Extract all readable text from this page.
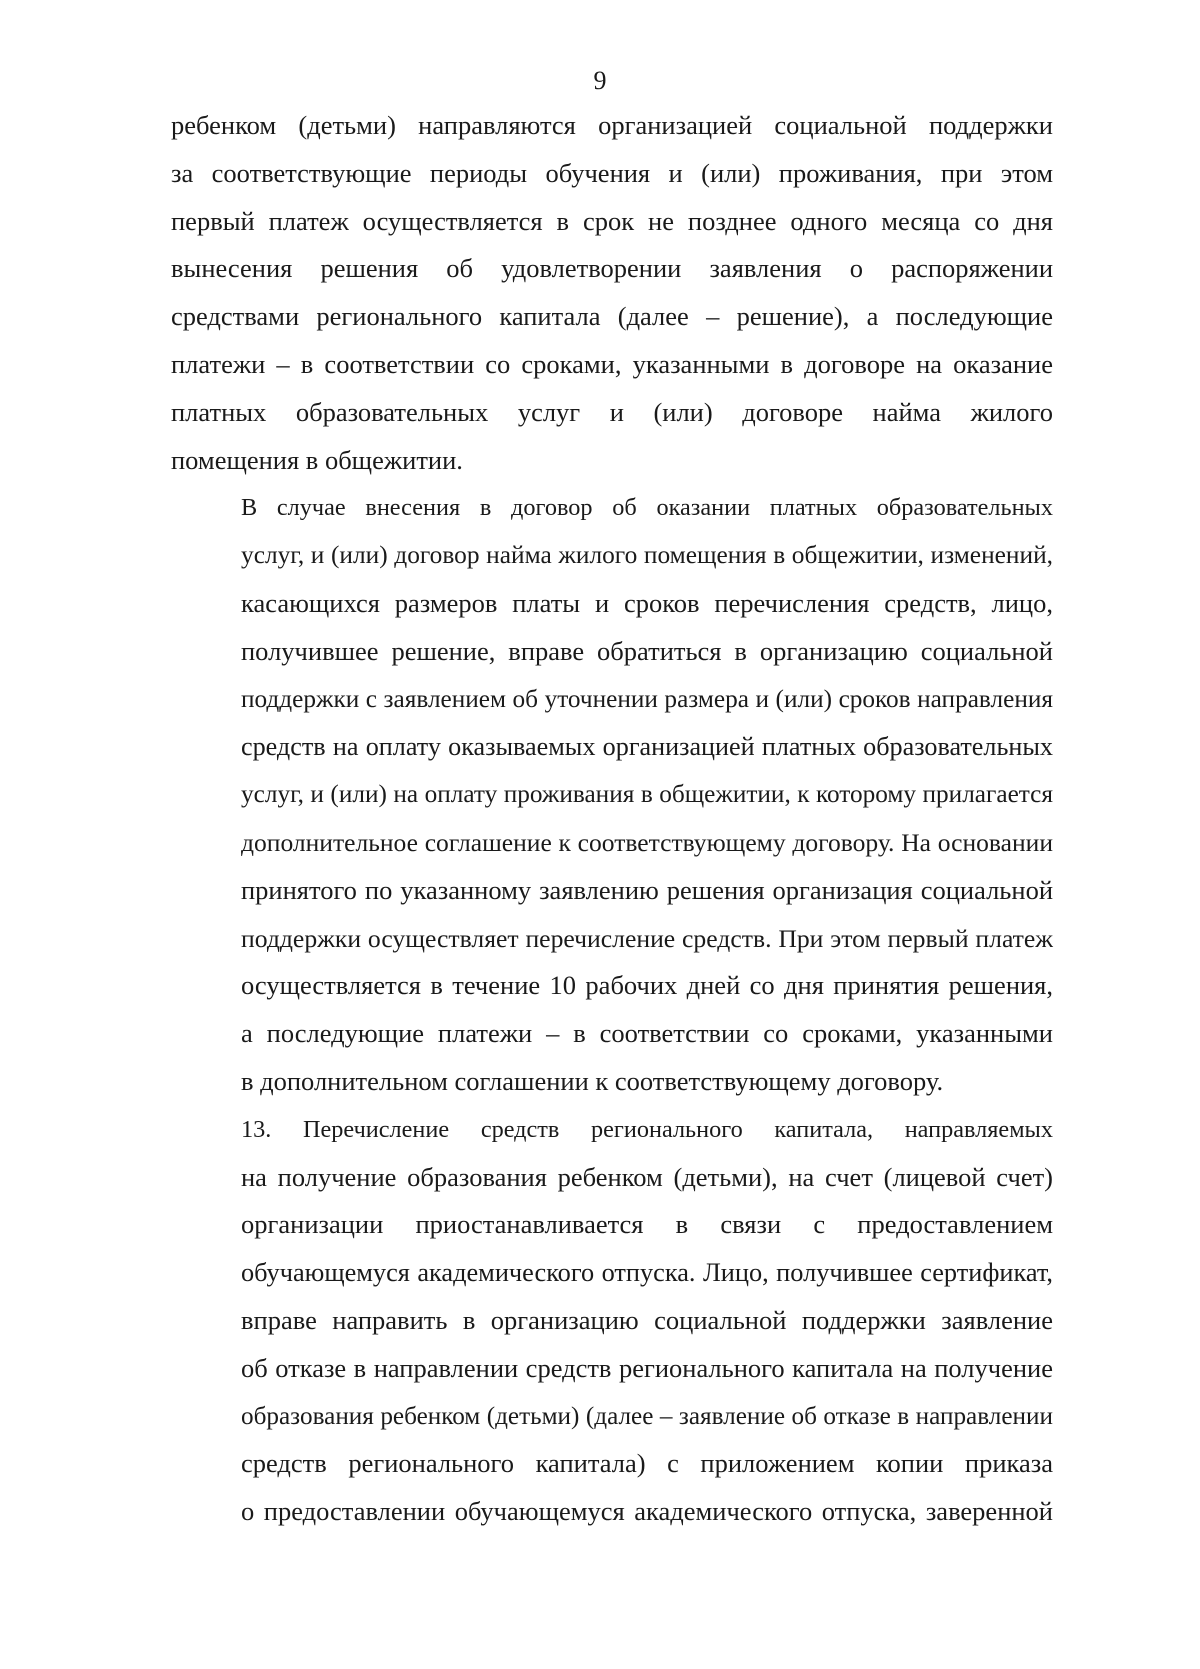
9

ребенком (детьми) направляются организацией социальной поддержки
за соответствующие периоды обучения и (или) проживания, при этом
первый платеж осуществляется в срок не позднее одного месяца со дня
вынесения решения об удовлетворении заявления о распоряжении
средствами регионального капитала (далее – решение), а последующие
платежи – в соответствии со сроками, указанными в договоре на оказание
платных образовательных услуг и (или) договоре найма жилого
помещения в общежитии.

В случае внесения в договор об оказании платных образовательных
услуг, и (или) договор найма жилого помещения в общежитии, изменений,
касающихся размеров платы и сроков перечисления средств, лицо,
получившее решение, вправе обратиться в организацию социальной
поддержки с заявлением об уточнении размера и (или) сроков направления
средств на оплату оказываемых организацией платных образовательных
услуг, и (или) на оплату проживания в общежитии, к которому прилагается
дополнительное соглашение к соответствующему договору. На основании
принятого по указанному заявлению решения организация социальной
поддержки осуществляет перечисление средств. При этом первый платеж
осуществляется в течение 10 рабочих дней со дня принятия решения,
а последующие платежи – в соответствии со сроками, указанными
в дополнительном соглашении к соответствующему договору.

13. Перечисление средств регионального капитала, направляемых
на получение образования ребенком (детьми), на счет (лицевой счет)
организации приостанавливается в связи с предоставлением
обучающемуся академического отпуска. Лицо, получившее сертификат,
вправе направить в организацию социальной поддержки заявление
об отказе в направлении средств регионального капитала на получение
образования ребенком (детьми) (далее – заявление об отказе в направлении
средств регионального капитала) с приложением копии приказа
о предоставлении обучающемуся академического отпуска, заверенной
